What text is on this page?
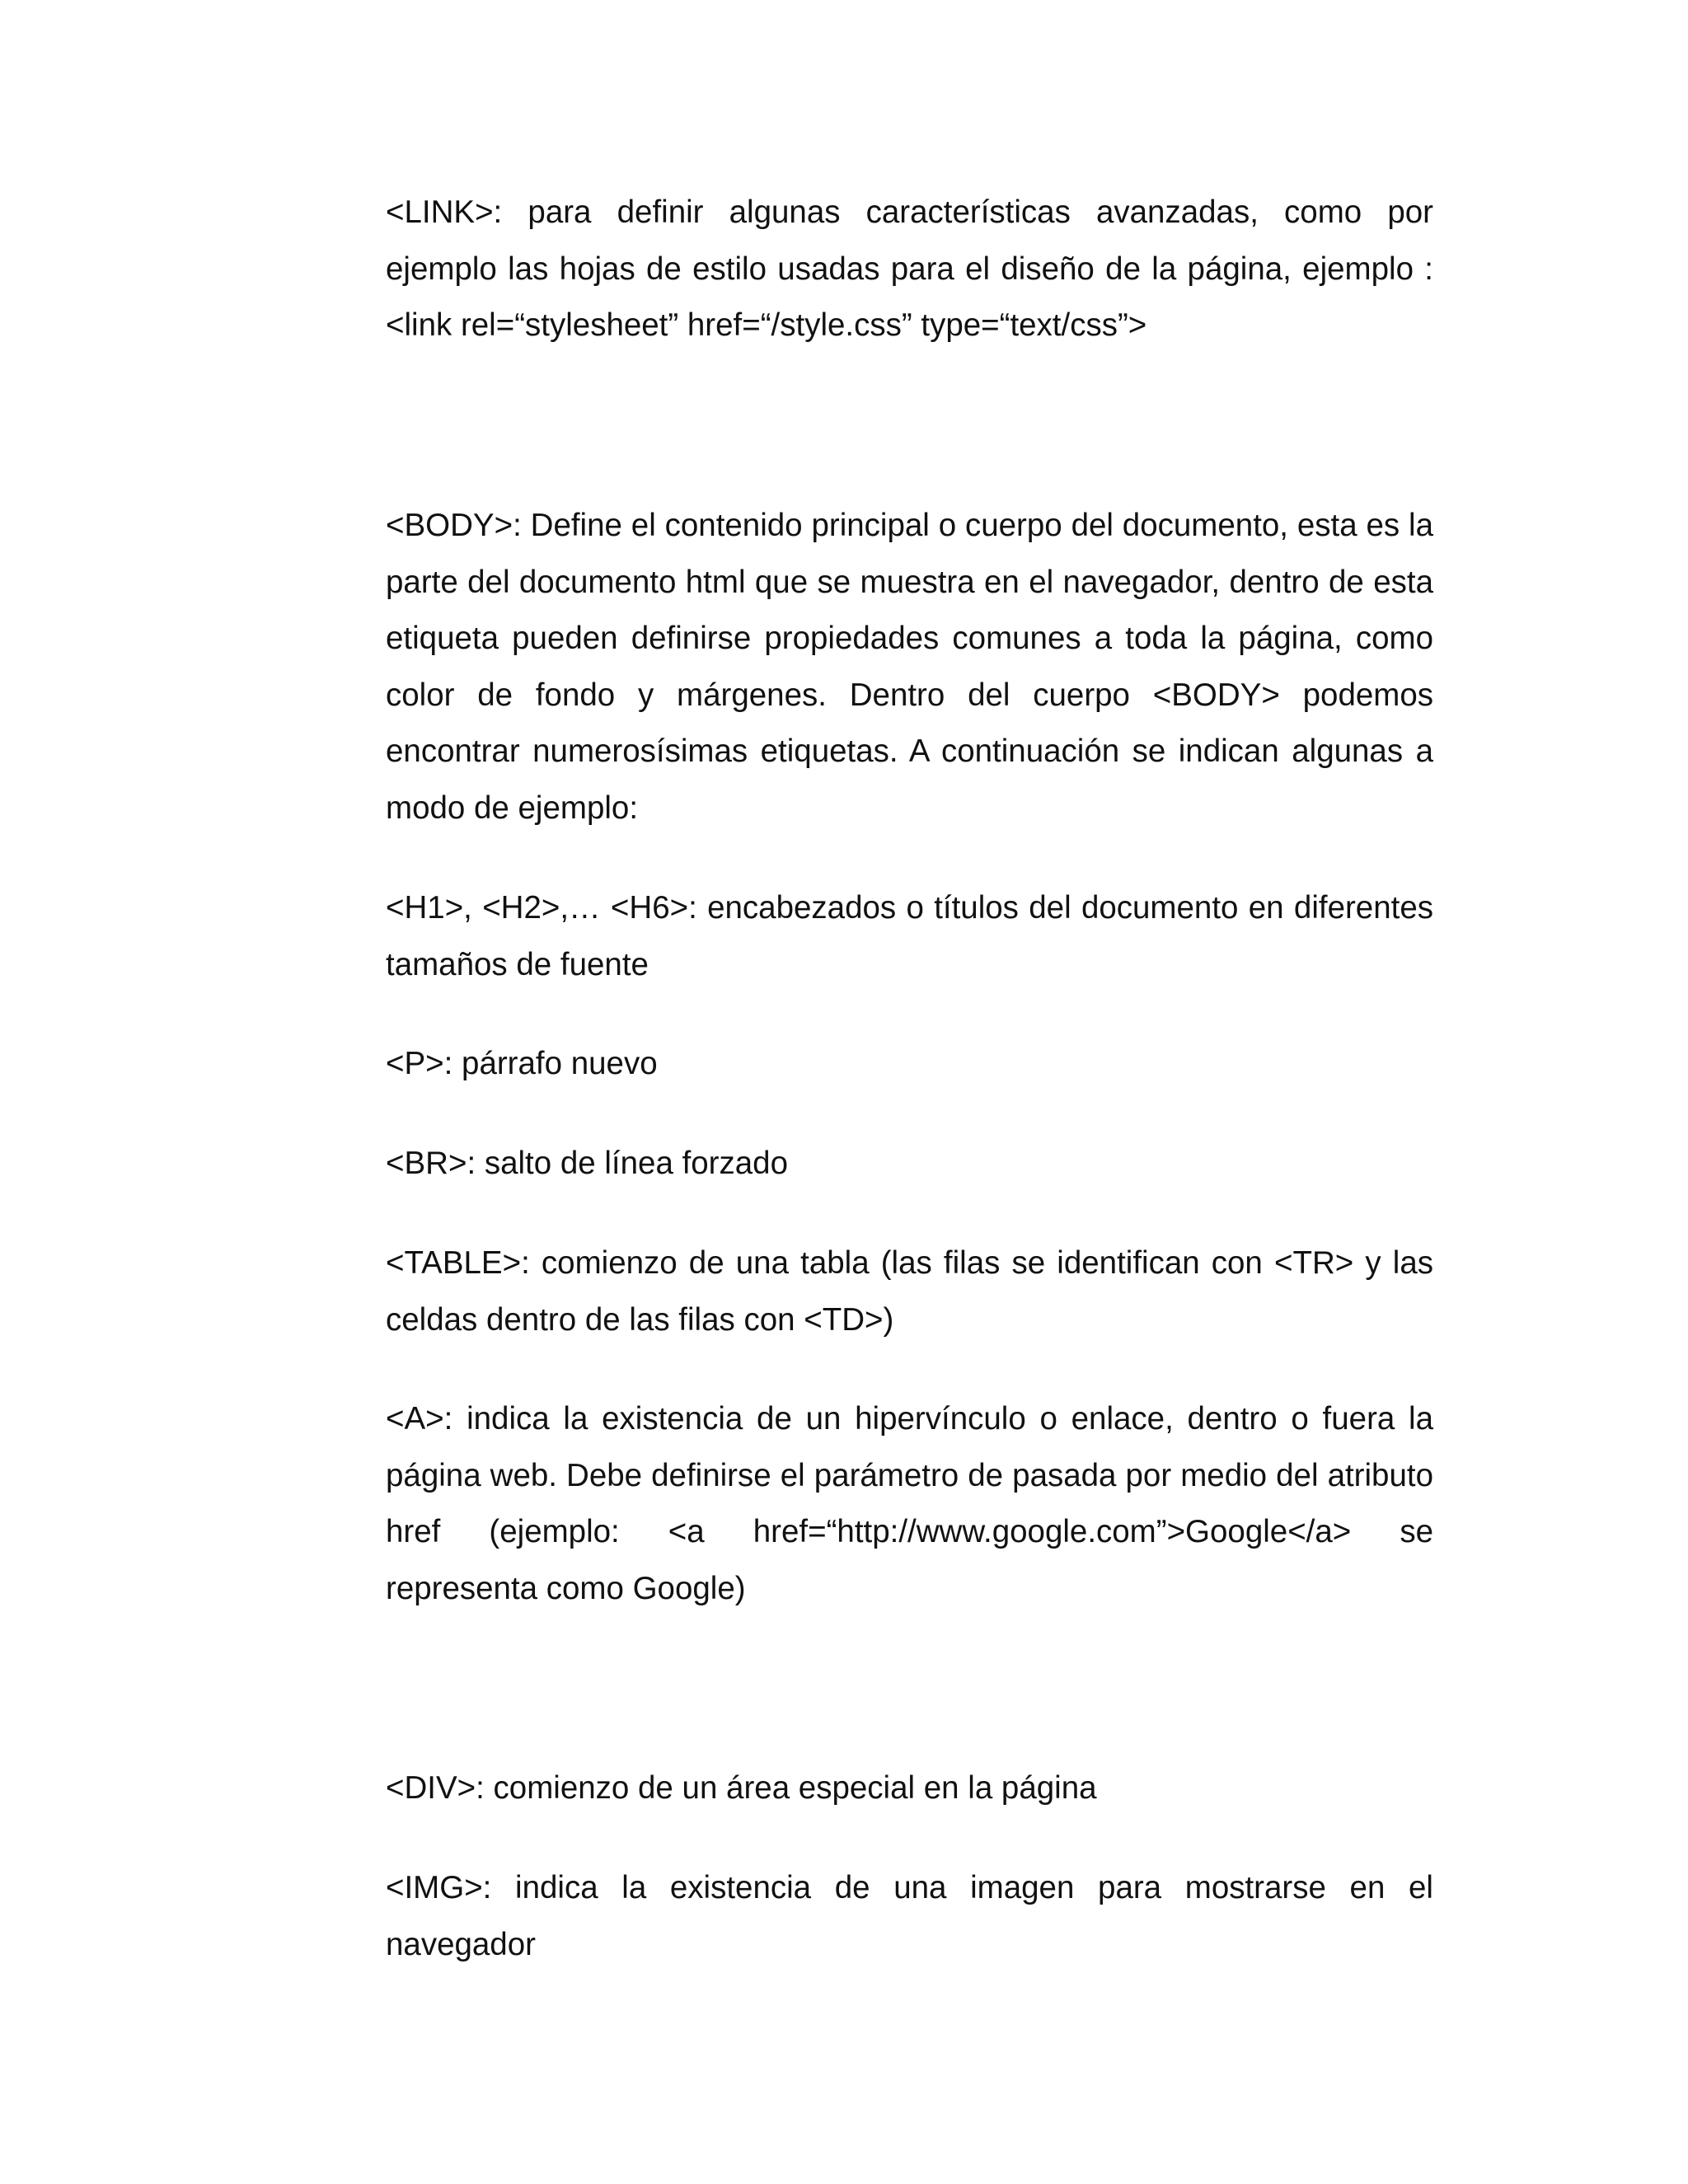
<LINK>: para definir algunas características avanzadas, como por ejemplo las hojas de estilo usadas para el diseño de la página, ejemplo :<link rel=“stylesheet” href=“/style.css” type=“text/css”>

<BODY>: Define el contenido principal o cuerpo del documento, esta es la parte del documento html que se muestra en el navegador, dentro de esta etiqueta pueden definirse propiedades comunes a toda la página, como color de fondo y márgenes. Dentro del cuerpo <BODY> podemos encontrar numerosísimas etiquetas. A continuación se indican algunas a modo de ejemplo:

<H1>, <H2>,… <H6>: encabezados o títulos del documento en diferentes tamaños de fuente

<P>: párrafo nuevo

<BR>: salto de línea forzado

<TABLE>: comienzo de una tabla (las filas se identifican con <TR> y las celdas dentro de las filas con <TD>)

<A>: indica la existencia de un hipervínculo o enlace, dentro o fuera la página web. Debe definirse el parámetro de pasada por medio del atributo href (ejemplo: <a href=“http://www.google.com”>Google</a> se representa como Google)

<DIV>: comienzo de un área especial en la página

<IMG>: indica la existencia de una imagen para mostrarse en el navegador
